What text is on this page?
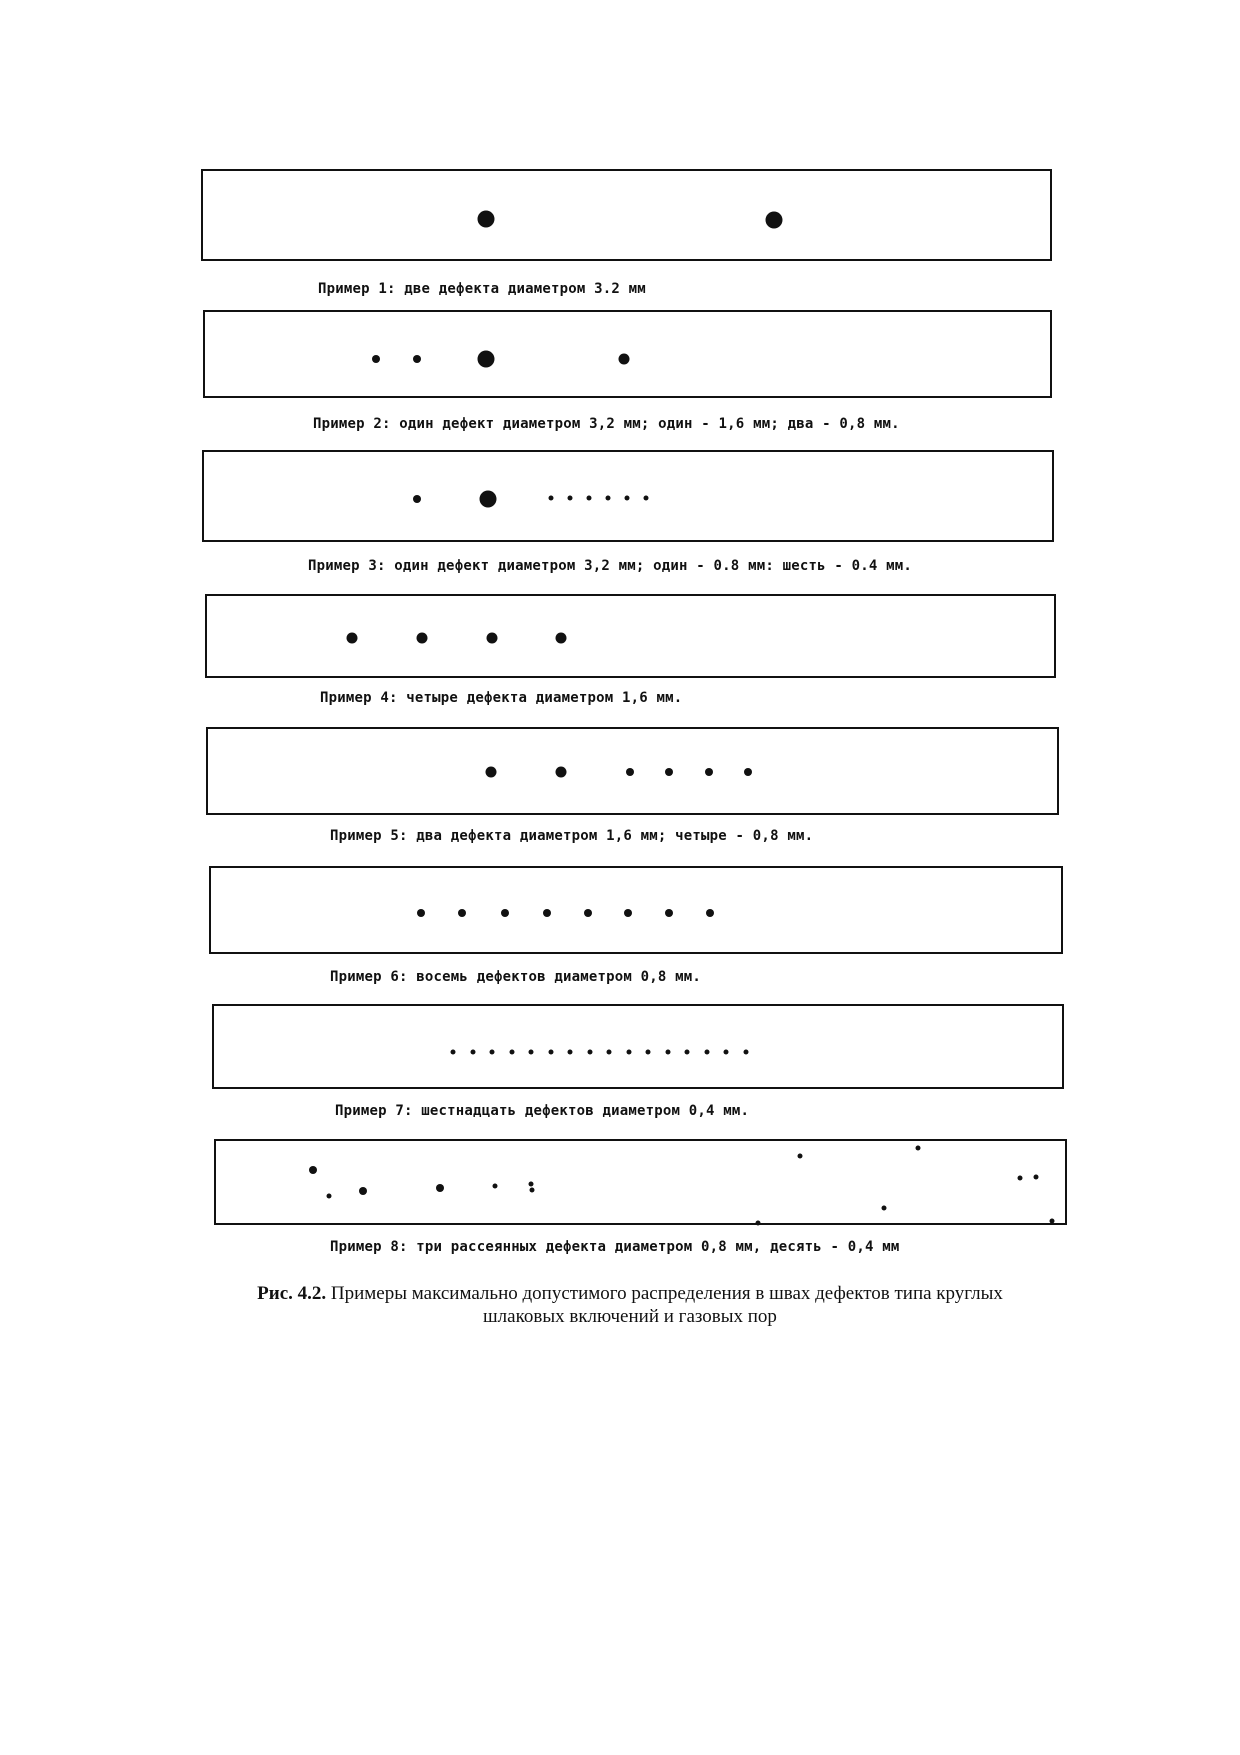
Пример 1: две дефекта диаметром 3.2 мм
Пример 2: один дефект диаметром 3,2 мм; один - 1,6 мм; два - 0,8 мм.
Пример 3: один дефект диаметром 3,2 мм; один - 0.8 мм: шесть - 0.4 мм.
Пример 4: четыре дефекта диаметром 1,6 мм.
Пример 5: два дефекта диаметром 1,6 мм; четыре - 0,8 мм.
Пример 6: восемь дефектов диаметром 0,8 мм.
Пример 7: шестнадцать дефектов диаметром 0,4 мм.
Пример 8: три рассеянных дефекта диаметром 0,8 мм, десять - 0,4 мм
Рис. 4.2. Примеры максимально допустимого распределения в швах дефектов типа круглых
шлаковых включений и газовых пор
